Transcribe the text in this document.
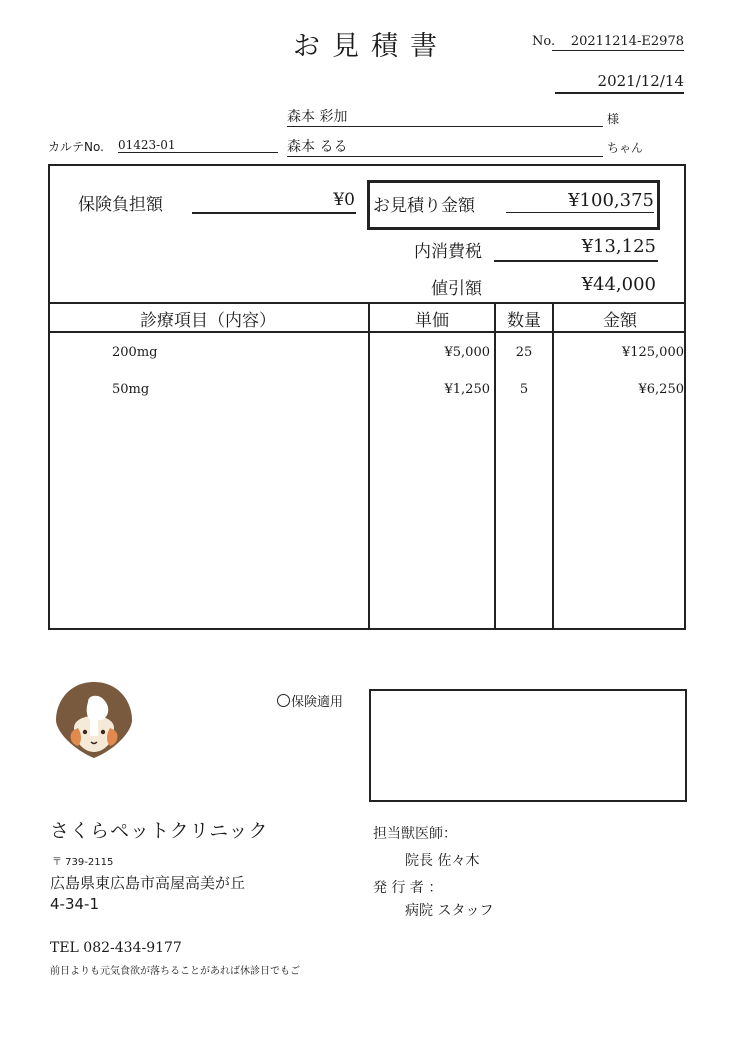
お見積書	No.	20211214-E2978
2021/12/14
森本 彩加	様
カルテNo. 01423-01	森本 るる	ちゃん
保険負担額	¥0 お見積り金額	¥100,375
内消費税	¥13,125
値引額	¥44,000
診療項目（内容）	単価	数量	金額
200mg	¥5,000	25	¥125,000
50mg	¥1,250	5	¥6,250
保険適用
さくらペットクリニック
〒 739-2115
広島県東広島市高屋高美が丘
4-34-1
TEL 082-434-9177
前日よりも元気食欲が落ちることがあれば休診日でもご
担当獣医師：
院長 佐々木
発 行 者 ：
病院 スタッフ
